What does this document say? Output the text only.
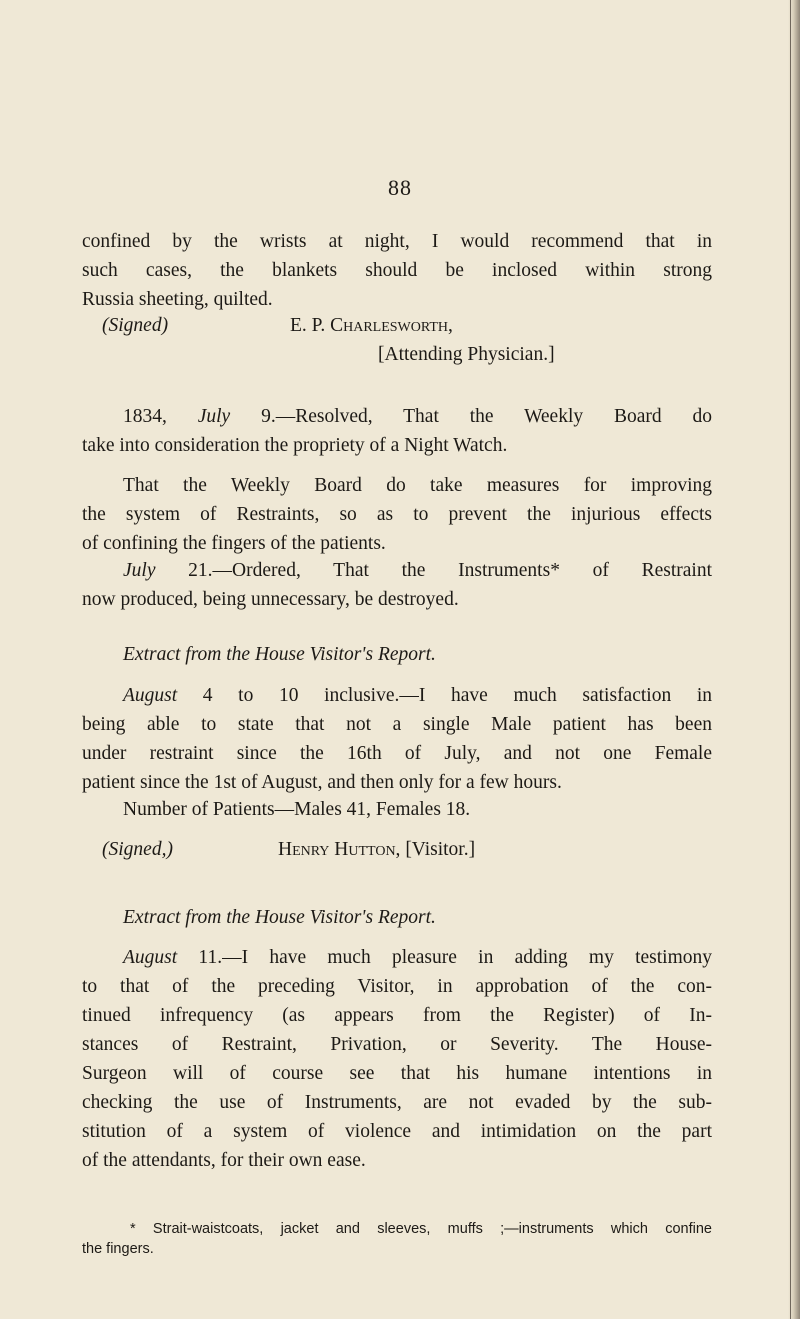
88
confined by the wrists at night, I would recommend that in
such cases, the blankets should be inclosed within strong
Russia sheeting, quilted.
(Signed)	E. P. Charlesworth,
[Attending Physician.]
1834, July 9.—Resolved, That the Weekly Board do
take into consideration the propriety of a Night Watch.
That the Weekly Board do take measures for improving
the system of Restraints, so as to prevent the injurious effects
of confining the fingers of the patients.
July 21.—Ordered, That the Instruments* of Restraint
now produced, being unnecessary, be destroyed.
Extract from the House Visitor's Report.
August 4 to 10 inclusive.—I have much satisfaction in
being able to state that not a single Male patient has been
under restraint since the 16th of July, and not one Female
patient since the 1st of August, and then only for a few hours.
Number of Patients—Males 41, Females 18.
(Signed,)	Henry Hutton, [Visitor.]
Extract from the House Visitor's Report.
August 11.—I have much pleasure in adding my testimony
to that of the preceding Visitor, in approbation of the con-
tinued infrequency (as appears from the Register) of In-
stances of Restraint, Privation, or Severity. The House-
Surgeon will of course see that his humane intentions in
checking the use of Instruments, are not evaded by the sub-
stitution of a system of violence and intimidation on the part
of the attendants, for their own ease.
* Strait-waistcoats, jacket and sleeves, muffs ;—instruments which confine
the fingers.
